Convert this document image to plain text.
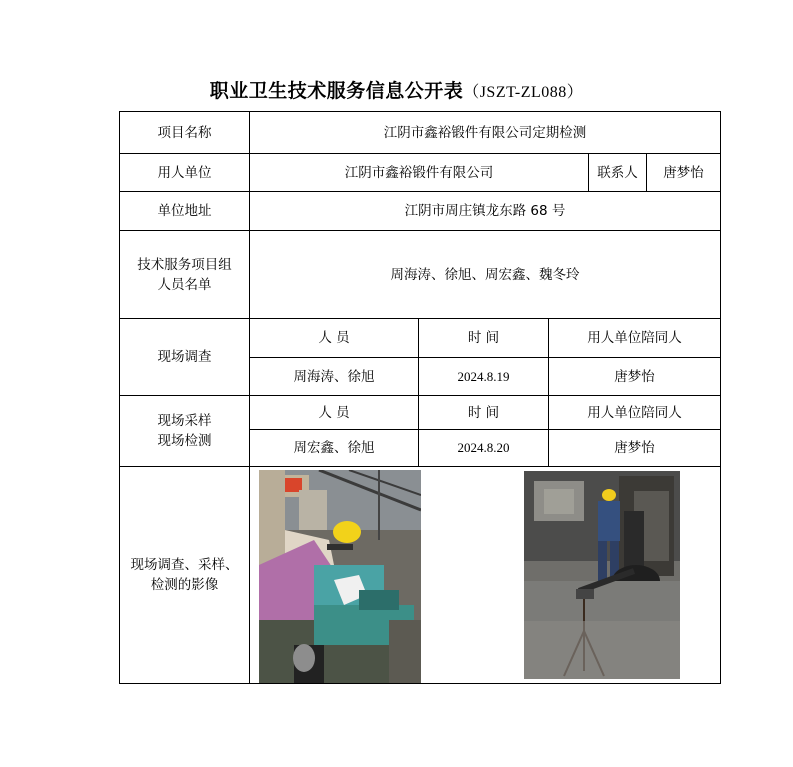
职业卫生技术服务信息公开表（JSZT-ZL088）
项目名称	江阴市鑫裕锻件有限公司定期检测				
用人单位	江阴市鑫裕锻件有限公司			联系人	唐梦怡
单位地址	江阴市周庄镇龙东路 68 号				
技术服务项目组人员名单	周海涛、徐旭、周宏鑫、魏冬玲				
现场调查	人 员	时 间	用人单位陪同人		
	周海涛、徐旭	2024.8.19	唐梦怡		
现场采样现场检测	人 员	时 间	用人单位陪同人		
	周宏鑫、徐旭	2024.8.20	唐梦怡		
现场调查、采样、检测的影像	
